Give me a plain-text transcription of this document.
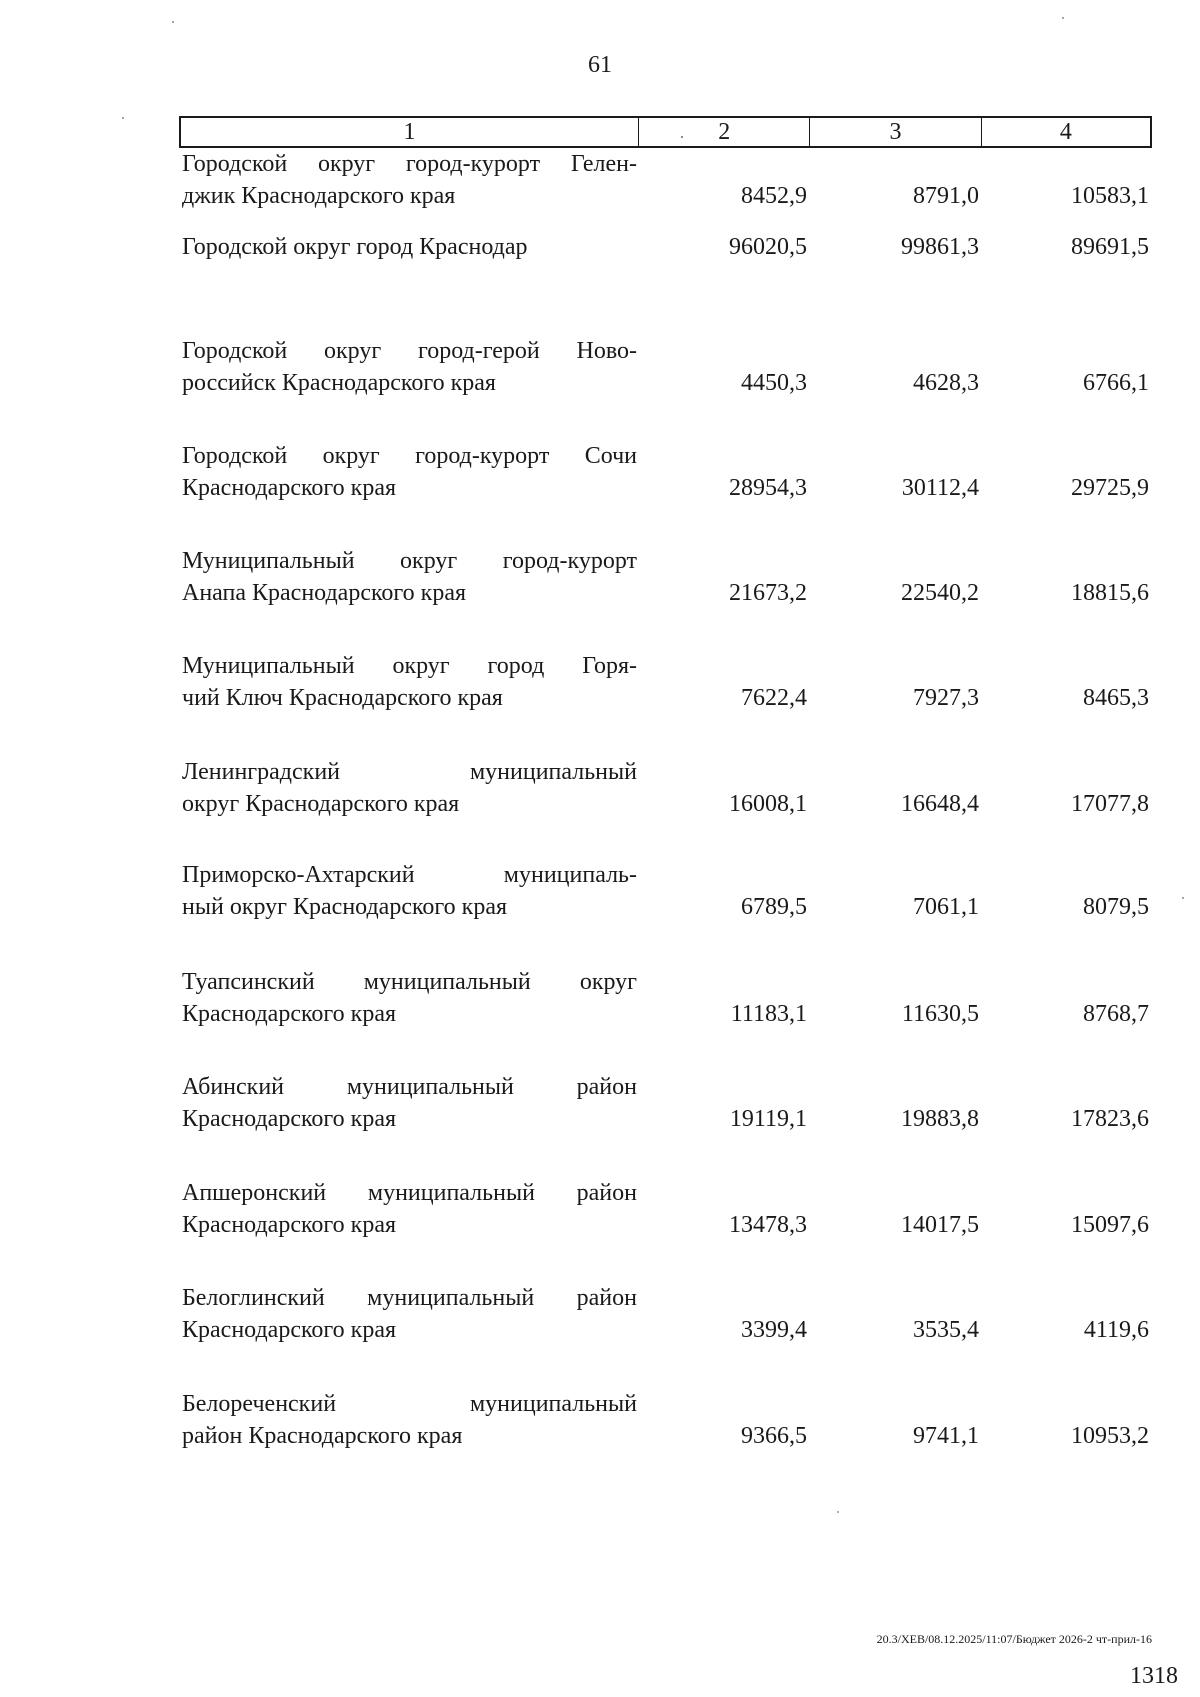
61
1	2	3	4
Городской округ город-курорт Гелен-
джик Краснодарского края	8452,9	8791,0	10583,1
Городской округ город Краснодар	96020,5	99861,3	89691,5
Городской округ город-герой Ново-
российск Краснодарского края	4450,3	4628,3	6766,1
Городской округ город-курорт Сочи
Краснодарского края	28954,3	30112,4	29725,9
Муниципальный округ город-курорт
Анапа Краснодарского края	21673,2	22540,2	18815,6
Муниципальный округ город Горя-
чий Ключ Краснодарского края	7622,4	7927,3	8465,3
Ленинградский муниципальный
округ Краснодарского края	16008,1	16648,4	17077,8
Приморско-Ахтарский муниципаль-
ный округ Краснодарского края	6789,5	7061,1	8079,5
Туапсинский муниципальный округ
Краснодарского края	11183,1	11630,5	8768,7
Абинский муниципальный район
Краснодарского края	19119,1	19883,8	17823,6
Апшеронский муниципальный район
Краснодарского края	13478,3	14017,5	15097,6
Белоглинский муниципальный район
Краснодарского края	3399,4	3535,4	4119,6
Белореченский муниципальный
район Краснодарского края	9366,5	9741,1	10953,2
20.3/ХЕВ/08.12.2025/11:07/Бюджет 2026-2 чт-прил-16
1318
